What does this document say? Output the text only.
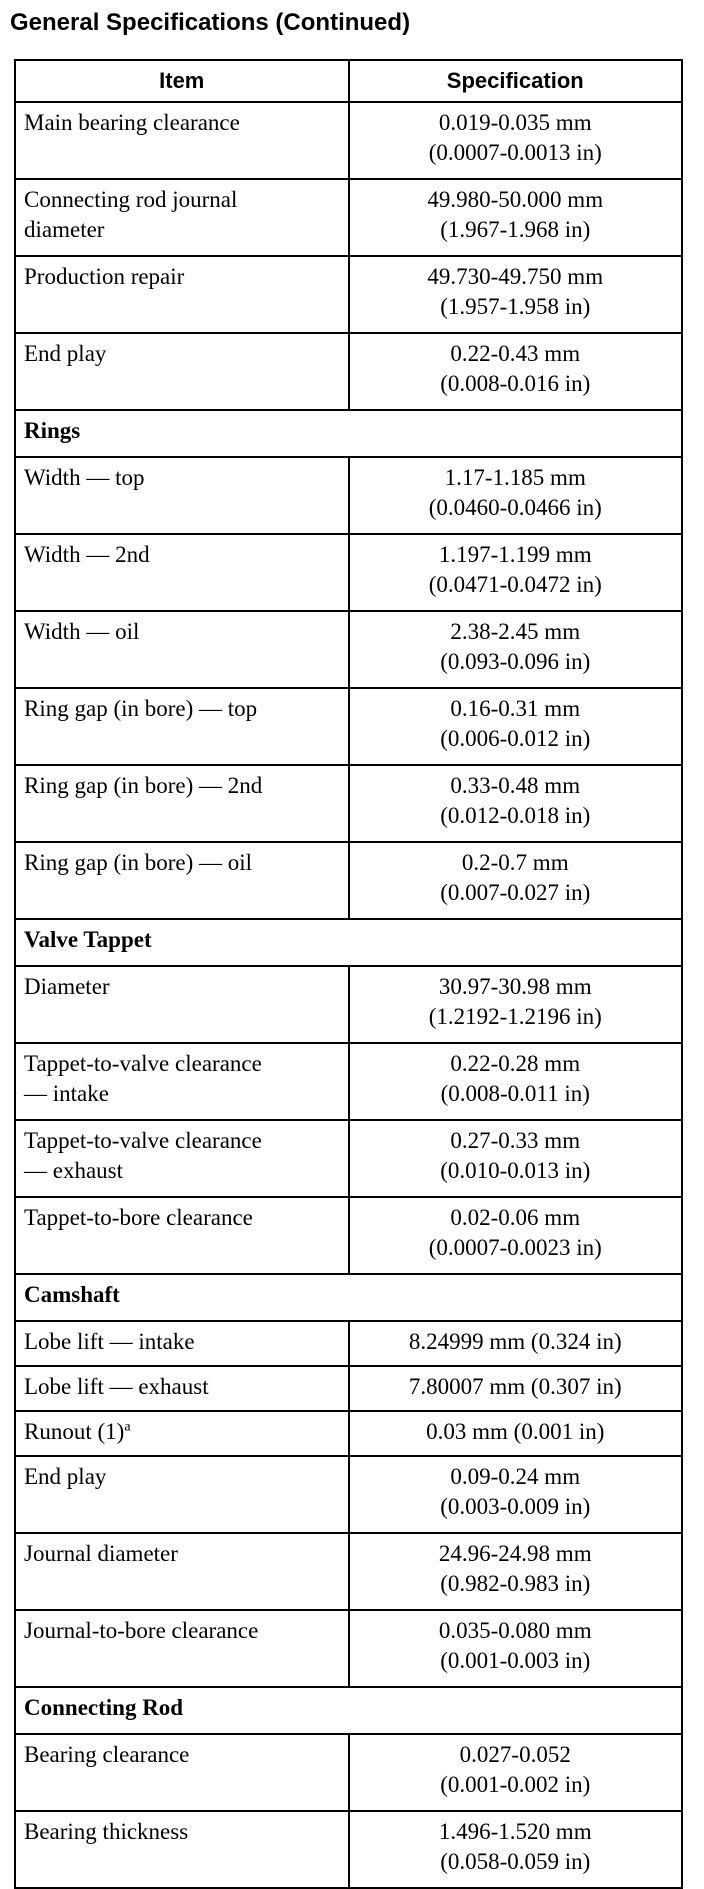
General Specifications (Continued)
Item	Specification

Main bearing clearance	0.019-0.035 mm
(0.0007-0.0013 in)

Connecting rod journal
diameter	49.980-50.000 mm
(1.967-1.968 in)

Production repair	49.730-49.750 mm
(1.957-1.958 in)

End play	0.22-0.43 mm
(0.008-0.016 in)

Rings	

Width — top	1.17-1.185 mm
(0.0460-0.0466 in)

Width — 2nd	1.197-1.199 mm
(0.0471-0.0472 in)

Width — oil	2.38-2.45 mm
(0.093-0.096 in)

Ring gap (in bore) — top	0.16-0.31 mm
(0.006-0.012 in)

Ring gap (in bore) — 2nd	0.33-0.48 mm
(0.012-0.018 in)

Ring gap (in bore) — oil	0.2-0.7 mm
(0.007-0.027 in)

Valve Tappet	

Diameter	30.97-30.98 mm
(1.2192-1.2196 in)

Tappet-to-valve clearance
— intake	0.22-0.28 mm
(0.008-0.011 in)

Tappet-to-valve clearance
— exhaust	0.27-0.33 mm
(0.010-0.013 in)

Tappet-to-bore clearance	0.02-0.06 mm
(0.0007-0.0023 in)

Camshaft	

Lobe lift — intake	8.24999 mm (0.324 in)

Lobe lift — exhaust	7.80007 mm (0.307 in)

Runout $(1)^a$	0.03 mm (0.001 in)

End play	0.09-0.24 mm
(0.003-0.009 in)

Journal diameter	24.96-24.98 mm
(0.982-0.983 in)

Journal-to-bore clearance	0.035-0.080 mm
(0.001-0.003 in)

Connecting Rod	

Bearing clearance	0.027-0.052
(0.001-0.002 in)

Bearing thickness	1.496-1.520 mm
(0.058-0.059 in)
